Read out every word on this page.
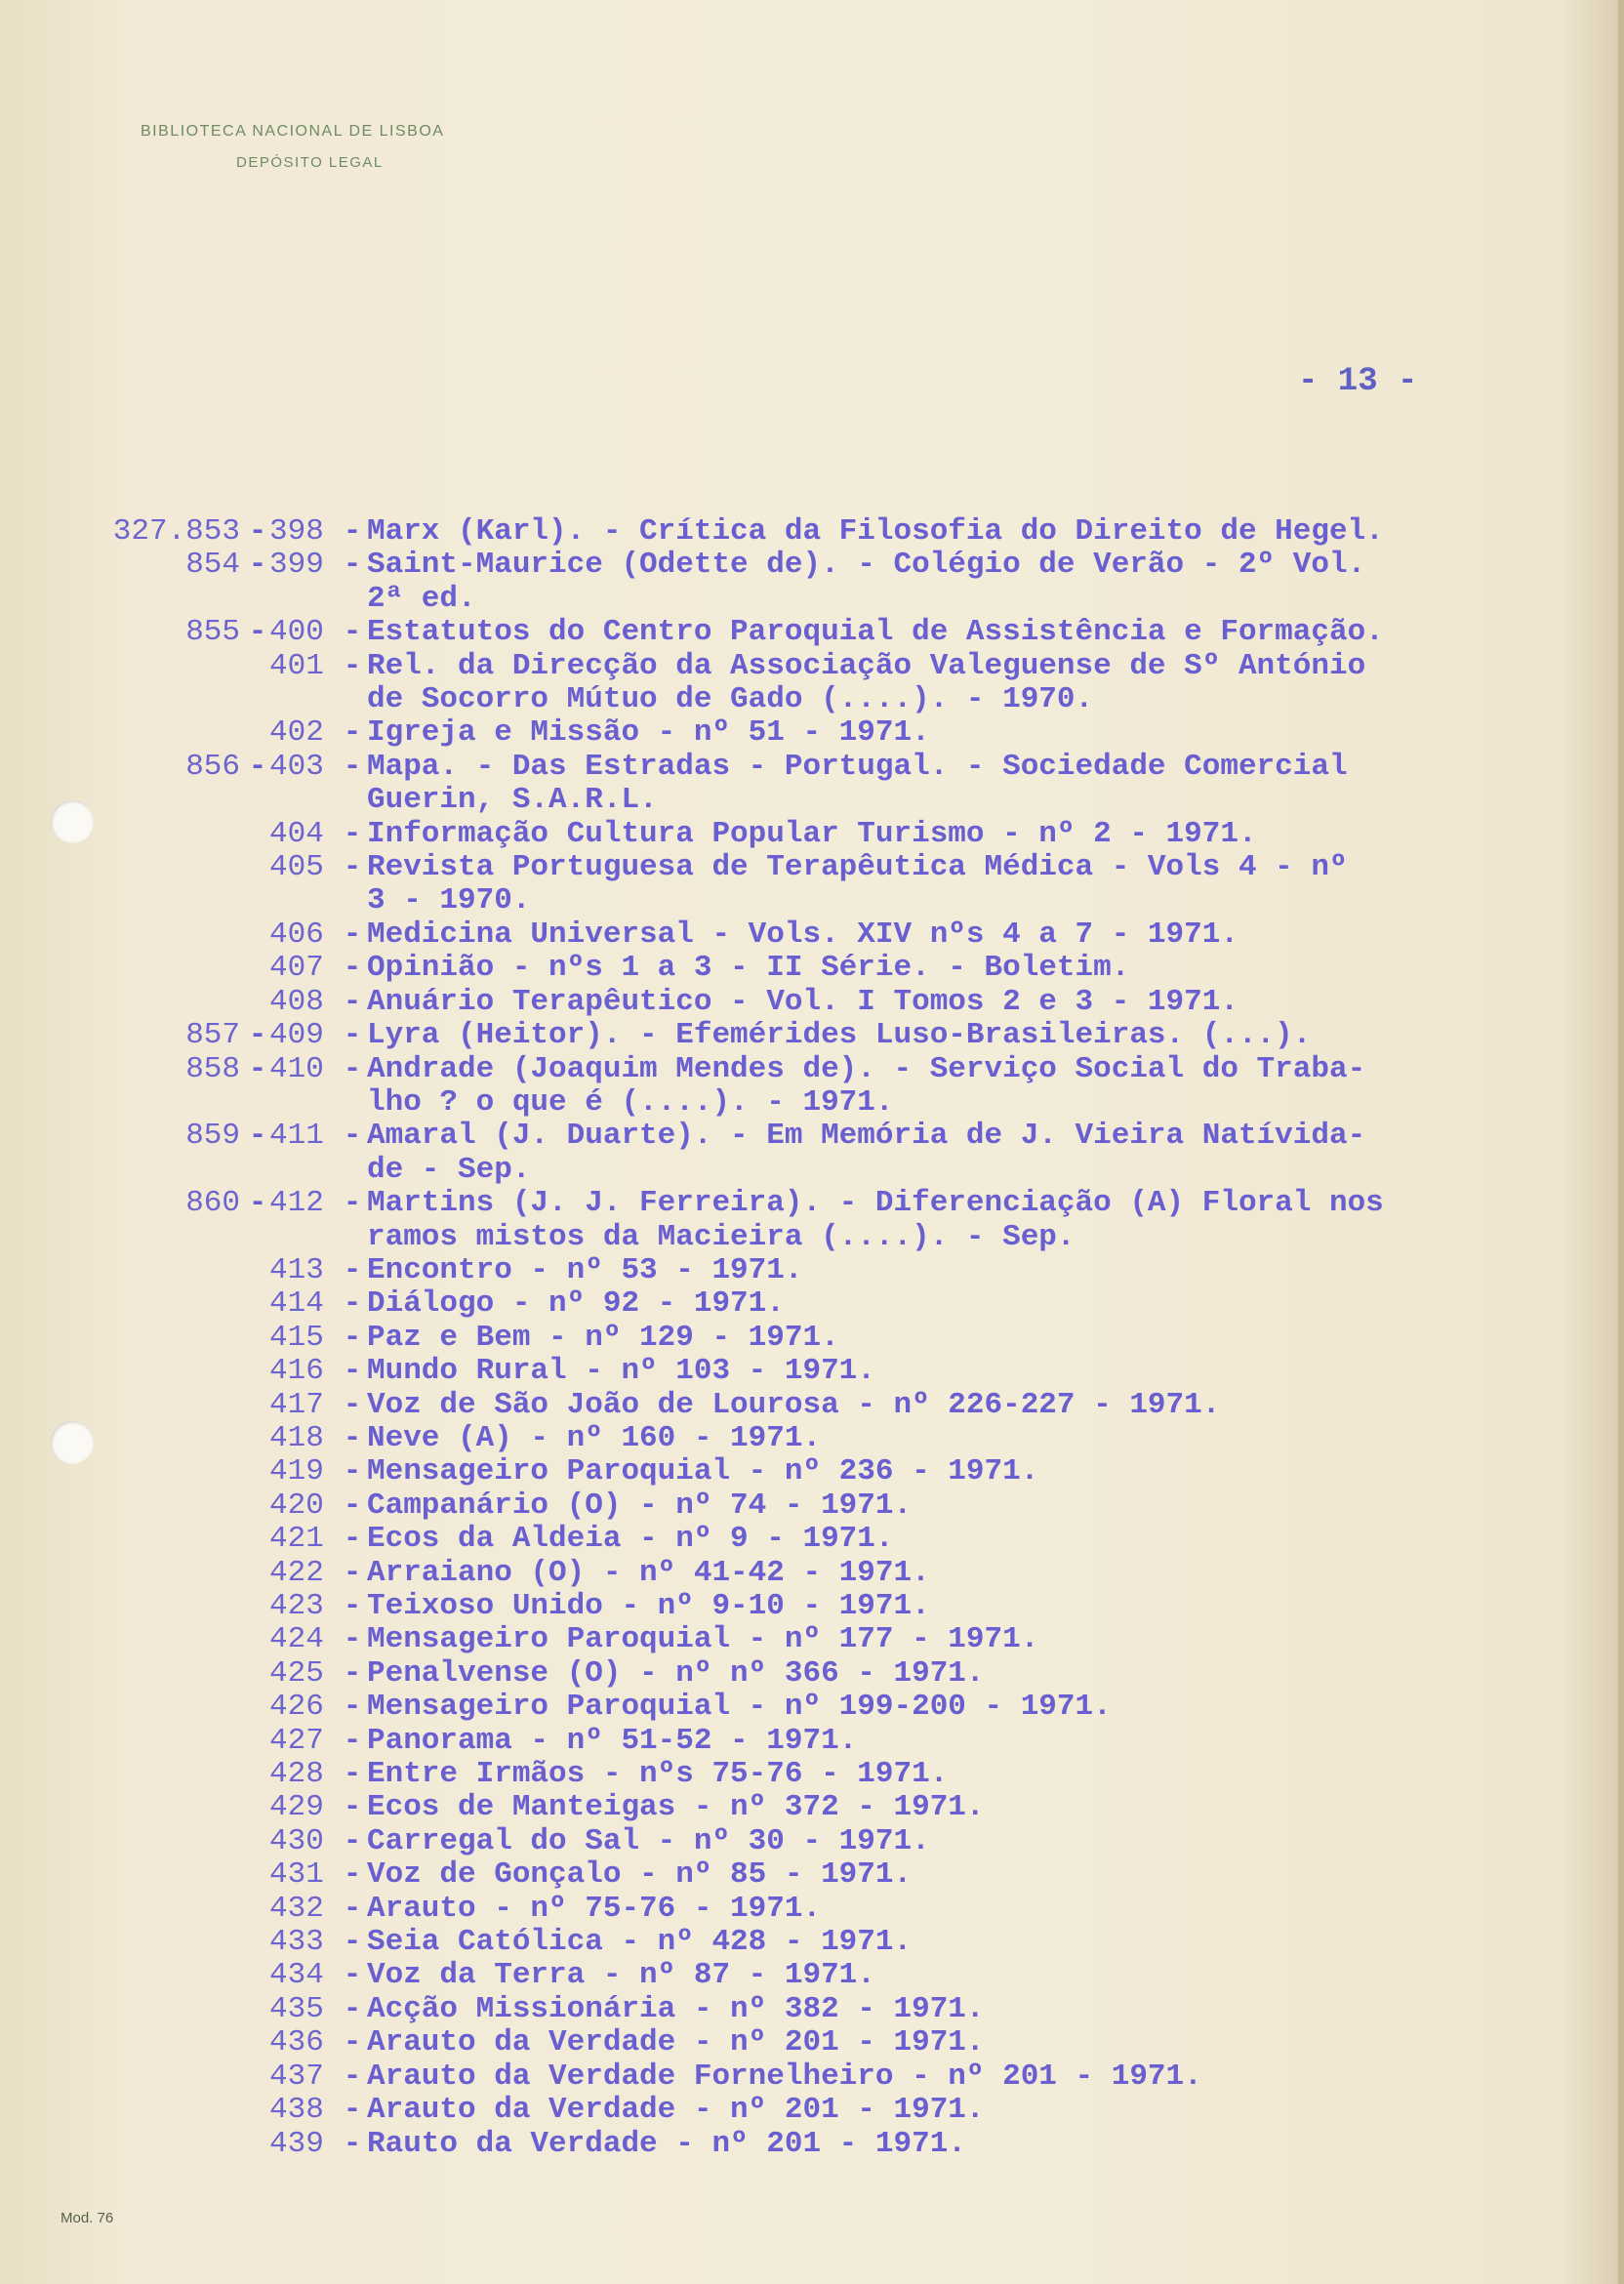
BIBLIOTECA NACIONAL DE LISBOA
DEPÓSITO LEGAL
- 13 -
327.853 - 398 - Marx (Karl). - Crítica da Filosofia do Direito de Hegel.
854 - 399 - Saint-Maurice (Odette de). - Colégio de Verão - 2º Vol.
2ª ed.
855 - 400 - Estatutos do Centro Paroquial de Assistência e Formação.
401 - Rel. da Direcção da Associação Valeguense de Sº António
de Socorro Mútuo de Gado (....). - 1970.
402 - Igreja e Missão - nº 51 - 1971.
856 - 403 - Mapa. - Das Estradas - Portugal. - Sociedade Comercial
Guerin, S.A.R.L.
404 - Informação Cultura Popular Turismo - nº 2 - 1971.
405 - Revista Portuguesa de Terapêutica Médica - Vols 4 - nº
3 - 1970.
406 - Medicina Universal - Vols. XIV nºs 4 a 7 - 1971.
407 - Opinião - nºs 1 a 3 - II Série. - Boletim.
408 - Anuário Terapêutico - Vol. I Tomos 2 e 3 - 1971.
857 - 409 - Lyra (Heitor). - Efemérides Luso-Brasileiras. (...).
858 - 410 - Andrade (Joaquim Mendes de). - Serviço Social do Traba-
lho ? o que é (....). - 1971.
859 - 411 - Amaral (J. Duarte). - Em Memória de J. Vieira Natívida-
de - Sep.
860 - 412 - Martins (J. J. Ferreira). - Diferenciação (A) Floral nos
ramos mistos da Macieira (....). - Sep.
413 - Encontro - nº 53 - 1971.
414 - Diálogo - nº 92 - 1971.
415 - Paz e Bem - nº 129 - 1971.
416 - Mundo Rural - nº 103 - 1971.
417 - Voz de São João de Lourosa - nº 226-227 - 1971.
418 - Neve (A) - nº 160 - 1971.
419 - Mensageiro Paroquial - nº 236 - 1971.
420 - Campanário (O) - nº 74 - 1971.
421 - Ecos da Aldeia - nº 9 - 1971.
422 - Arraiano (O) - nº 41-42 - 1971.
423 - Teixoso Unido - nº 9-10 - 1971.
424 - Mensageiro Paroquial - nº 177 - 1971.
425 - Penalvense (O) - nº nº 366 - 1971.
426 - Mensageiro Paroquial - nº 199-200 - 1971.
427 - Panorama - nº 51-52 - 1971.
428 - Entre Irmãos - nºs 75-76 - 1971.
429 - Ecos de Manteigas - nº 372 - 1971.
430 - Carregal do Sal - nº 30 - 1971.
431 - Voz de Gonçalo - nº 85 - 1971.
432 - Arauto - nº 75-76 - 1971.
433 - Seia Católica - nº 428 - 1971.
434 - Voz da Terra - nº 87 - 1971.
435 - Acção Missionária - nº 382 - 1971.
436 - Arauto da Verdade - nº 201 - 1971.
437 - Arauto da Verdade Fornelheiro - nº 201 - 1971.
438 - Arauto da Verdade - nº 201 - 1971.
439 - Rauto da Verdade - nº 201 - 1971.
Mod. 76
